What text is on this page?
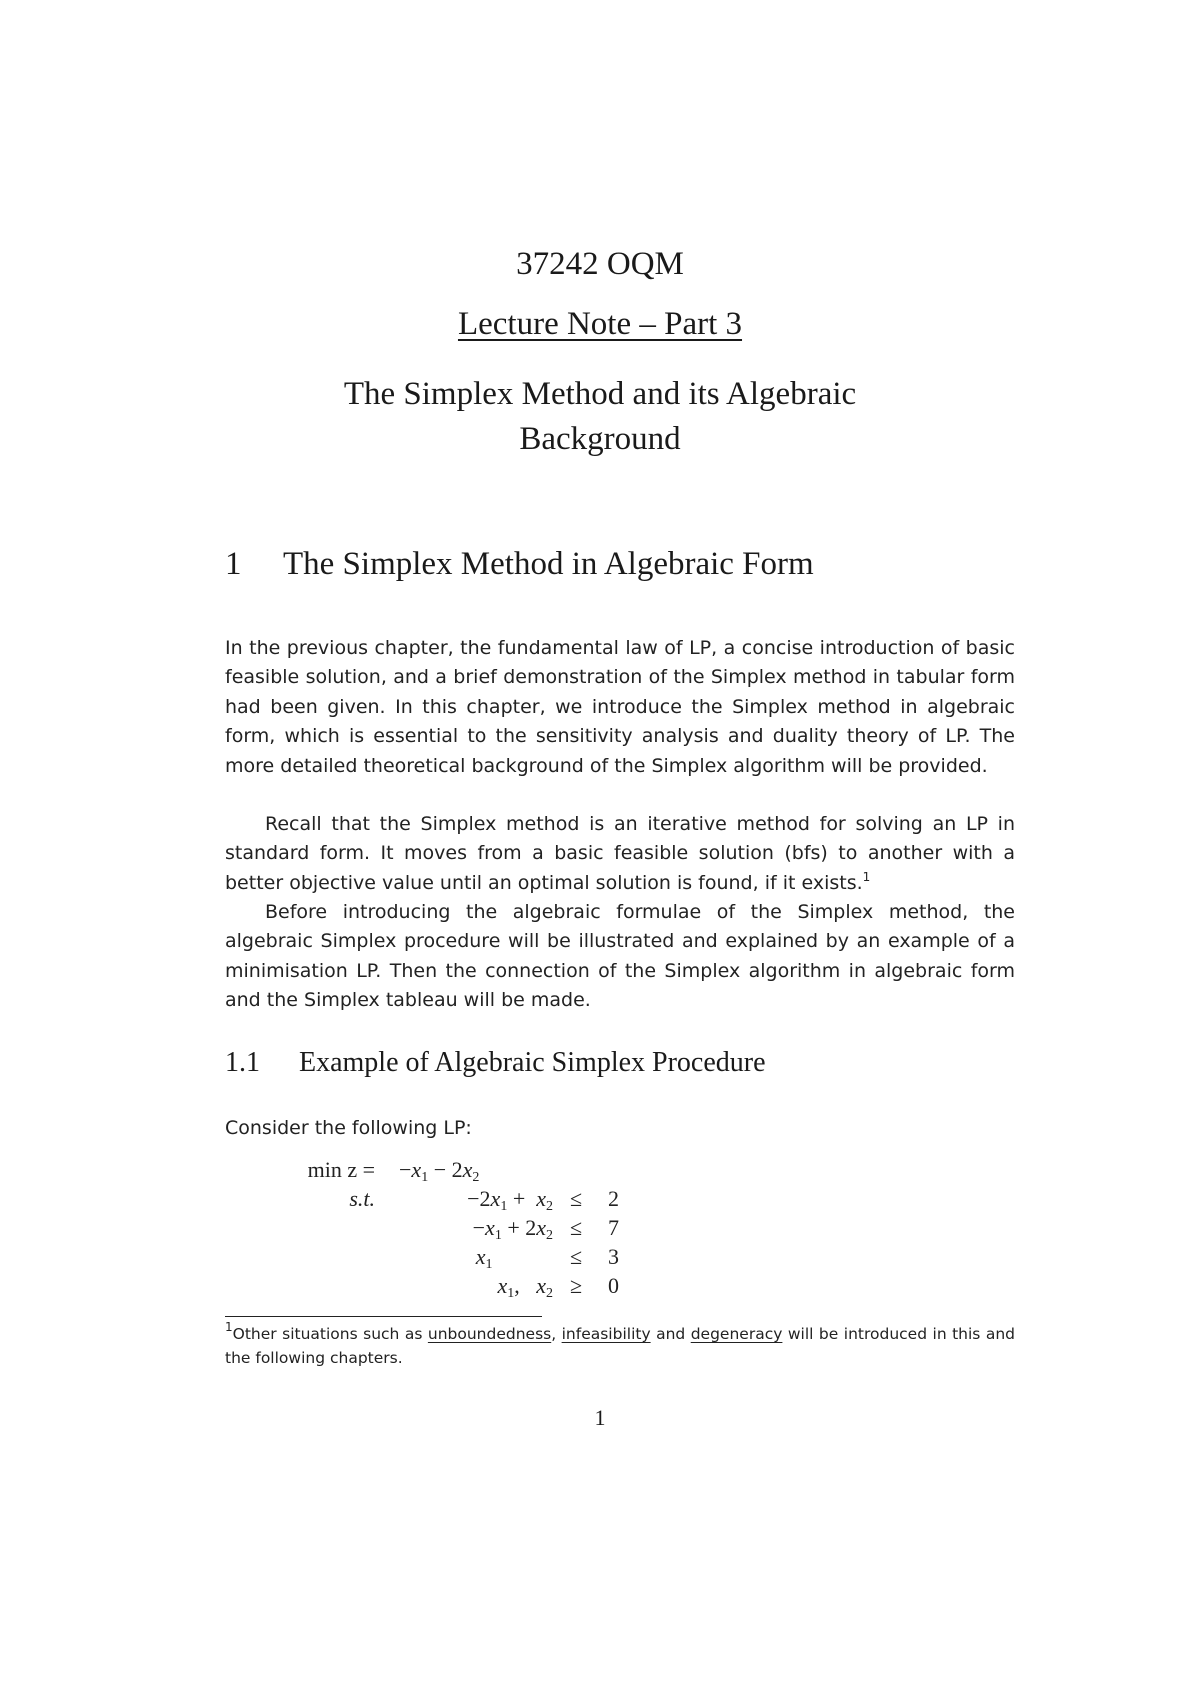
37242 OQM
Lecture Note – Part 3
The Simplex Method and its Algebraic
Background
1 The Simplex Method in Algebraic Form
In the previous chapter, the fundamental law of LP, a concise introduction of basic feasible solution, and a brief demonstration of the Simplex method in tabular form had been given. In this chapter, we introduce the Simplex method in algebraic form, which is essential to the sensitivity analysis and duality theory of LP. The more detailed theoretical background of the Simplex algorithm will be provided.
Recall that the Simplex method is an iterative method for solving an LP in standard form. It moves from a basic feasible solution (bfs) to another with a better objective value until an optimal solution is found, if it exists.$^1$
Before introducing the algebraic formulae of the Simplex method, the algebraic Simplex procedure will be illustrated and explained by an example of a minimisation LP. Then the connection of the Simplex algorithm in algebraic form and the Simplex tableau will be made.
1.1 Example of Algebraic Simplex Procedure
Consider the following LP:
$\min z = -x_1 - 2x_2$
s.t.	$-2x_1 + x_2$ ≤	2
$-x_1 + 2x_2$ ≤	7
$x_1$	≤	3
$x_1$,   $x_2$ ≥	0
$^1$Other situations such as unboundedness, infeasibility and degeneracy will be introduced in this and the following chapters.
1
